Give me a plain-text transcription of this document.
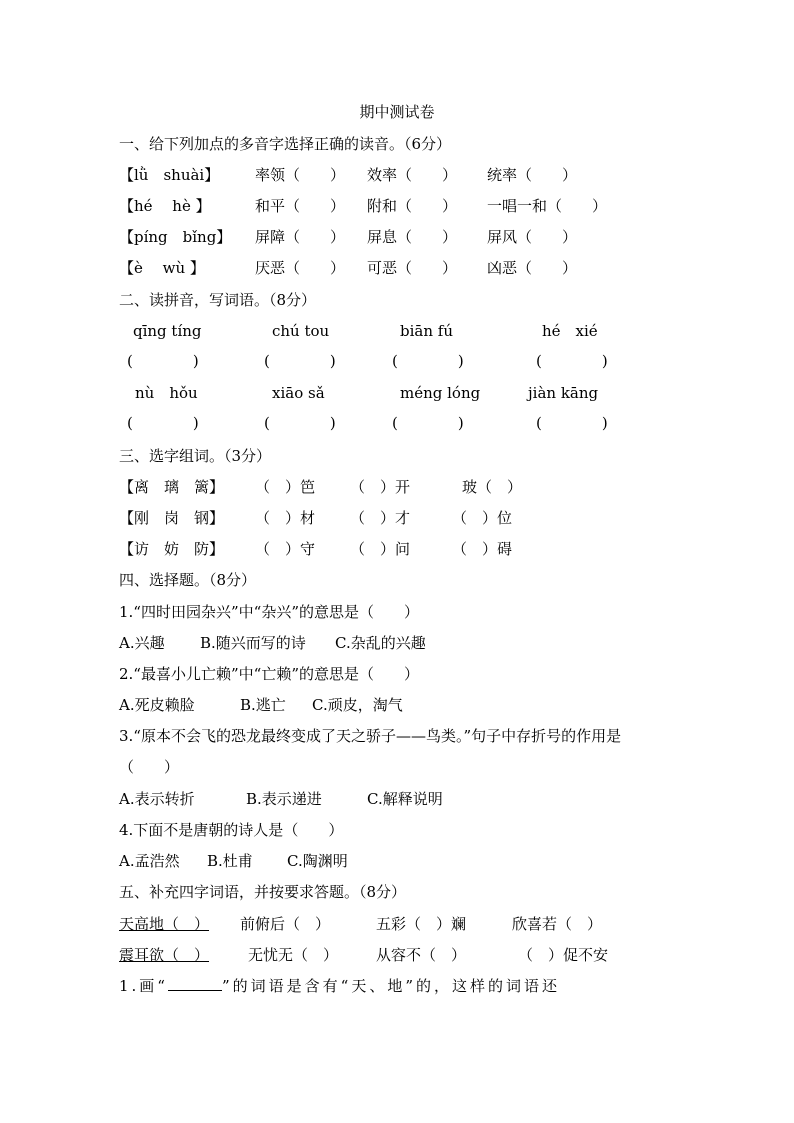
期中测试卷
一、给下列加点的多音字选择正确的读音。（6分）
【lǜ　shuài】 率领（　　） 效率（　　） 统率（　　）
【hé　 hè 】	和平（　　） 附和（　　） 一唱一和（　　）
【píng　bǐng】 屏障（　　） 屏息（　　） 屏风（　　）
【è　 wù 】	厌恶（　　） 可恶（　　） 凶恶（　　）
二、读拼音，写词语。（8分）
qīng tíng	chú tou	biān fú	hé　xié
(　　　　)	(　　　　)	(　　　　)	(　　　　)
nù　hǒu	xiāo sǎ	méng lóng	jiàn kāng
(　　　　)	(　　　　)	(　　　　)	(　　　　)
三、选字组词。（3分）
【离　璃　篱】 （　）笆 （　）开	玻（　）
【刚　岗　钢】 （　）材 （　）才	（　）位
【访　妨　防】 （　）守 （　）问	（　）碍
四、选择题。（8分）
1.“四时田园杂兴”中“杂兴”的意思是（　　）
A.兴趣 B.随兴而写的诗 C.杂乱的兴趣
2.“最喜小儿亡赖”中“亡赖”的意思是（　　）
A.死皮赖脸	B.逃亡 C.顽皮，淘气
3.“原本不会飞的恐龙最终变成了天之骄子——鸟类。”句子中存折号的作用是
（　　）
A.表示转折	B.表示递进	C.解释说明
4.下面不是唐朝的诗人是（　　）
A.孟浩然 B.杜甫 C.陶渊明
五、补充四字词语，并按要求答题。（8分）
天高地（　） 前俯后（　）	五彩（　）斓	欣喜若（　）
震耳欲（　）	无忧无（　）	从容不（　）	（　）促不安
1.画“	”的词语是含有“天、地”的，这样的词语还
